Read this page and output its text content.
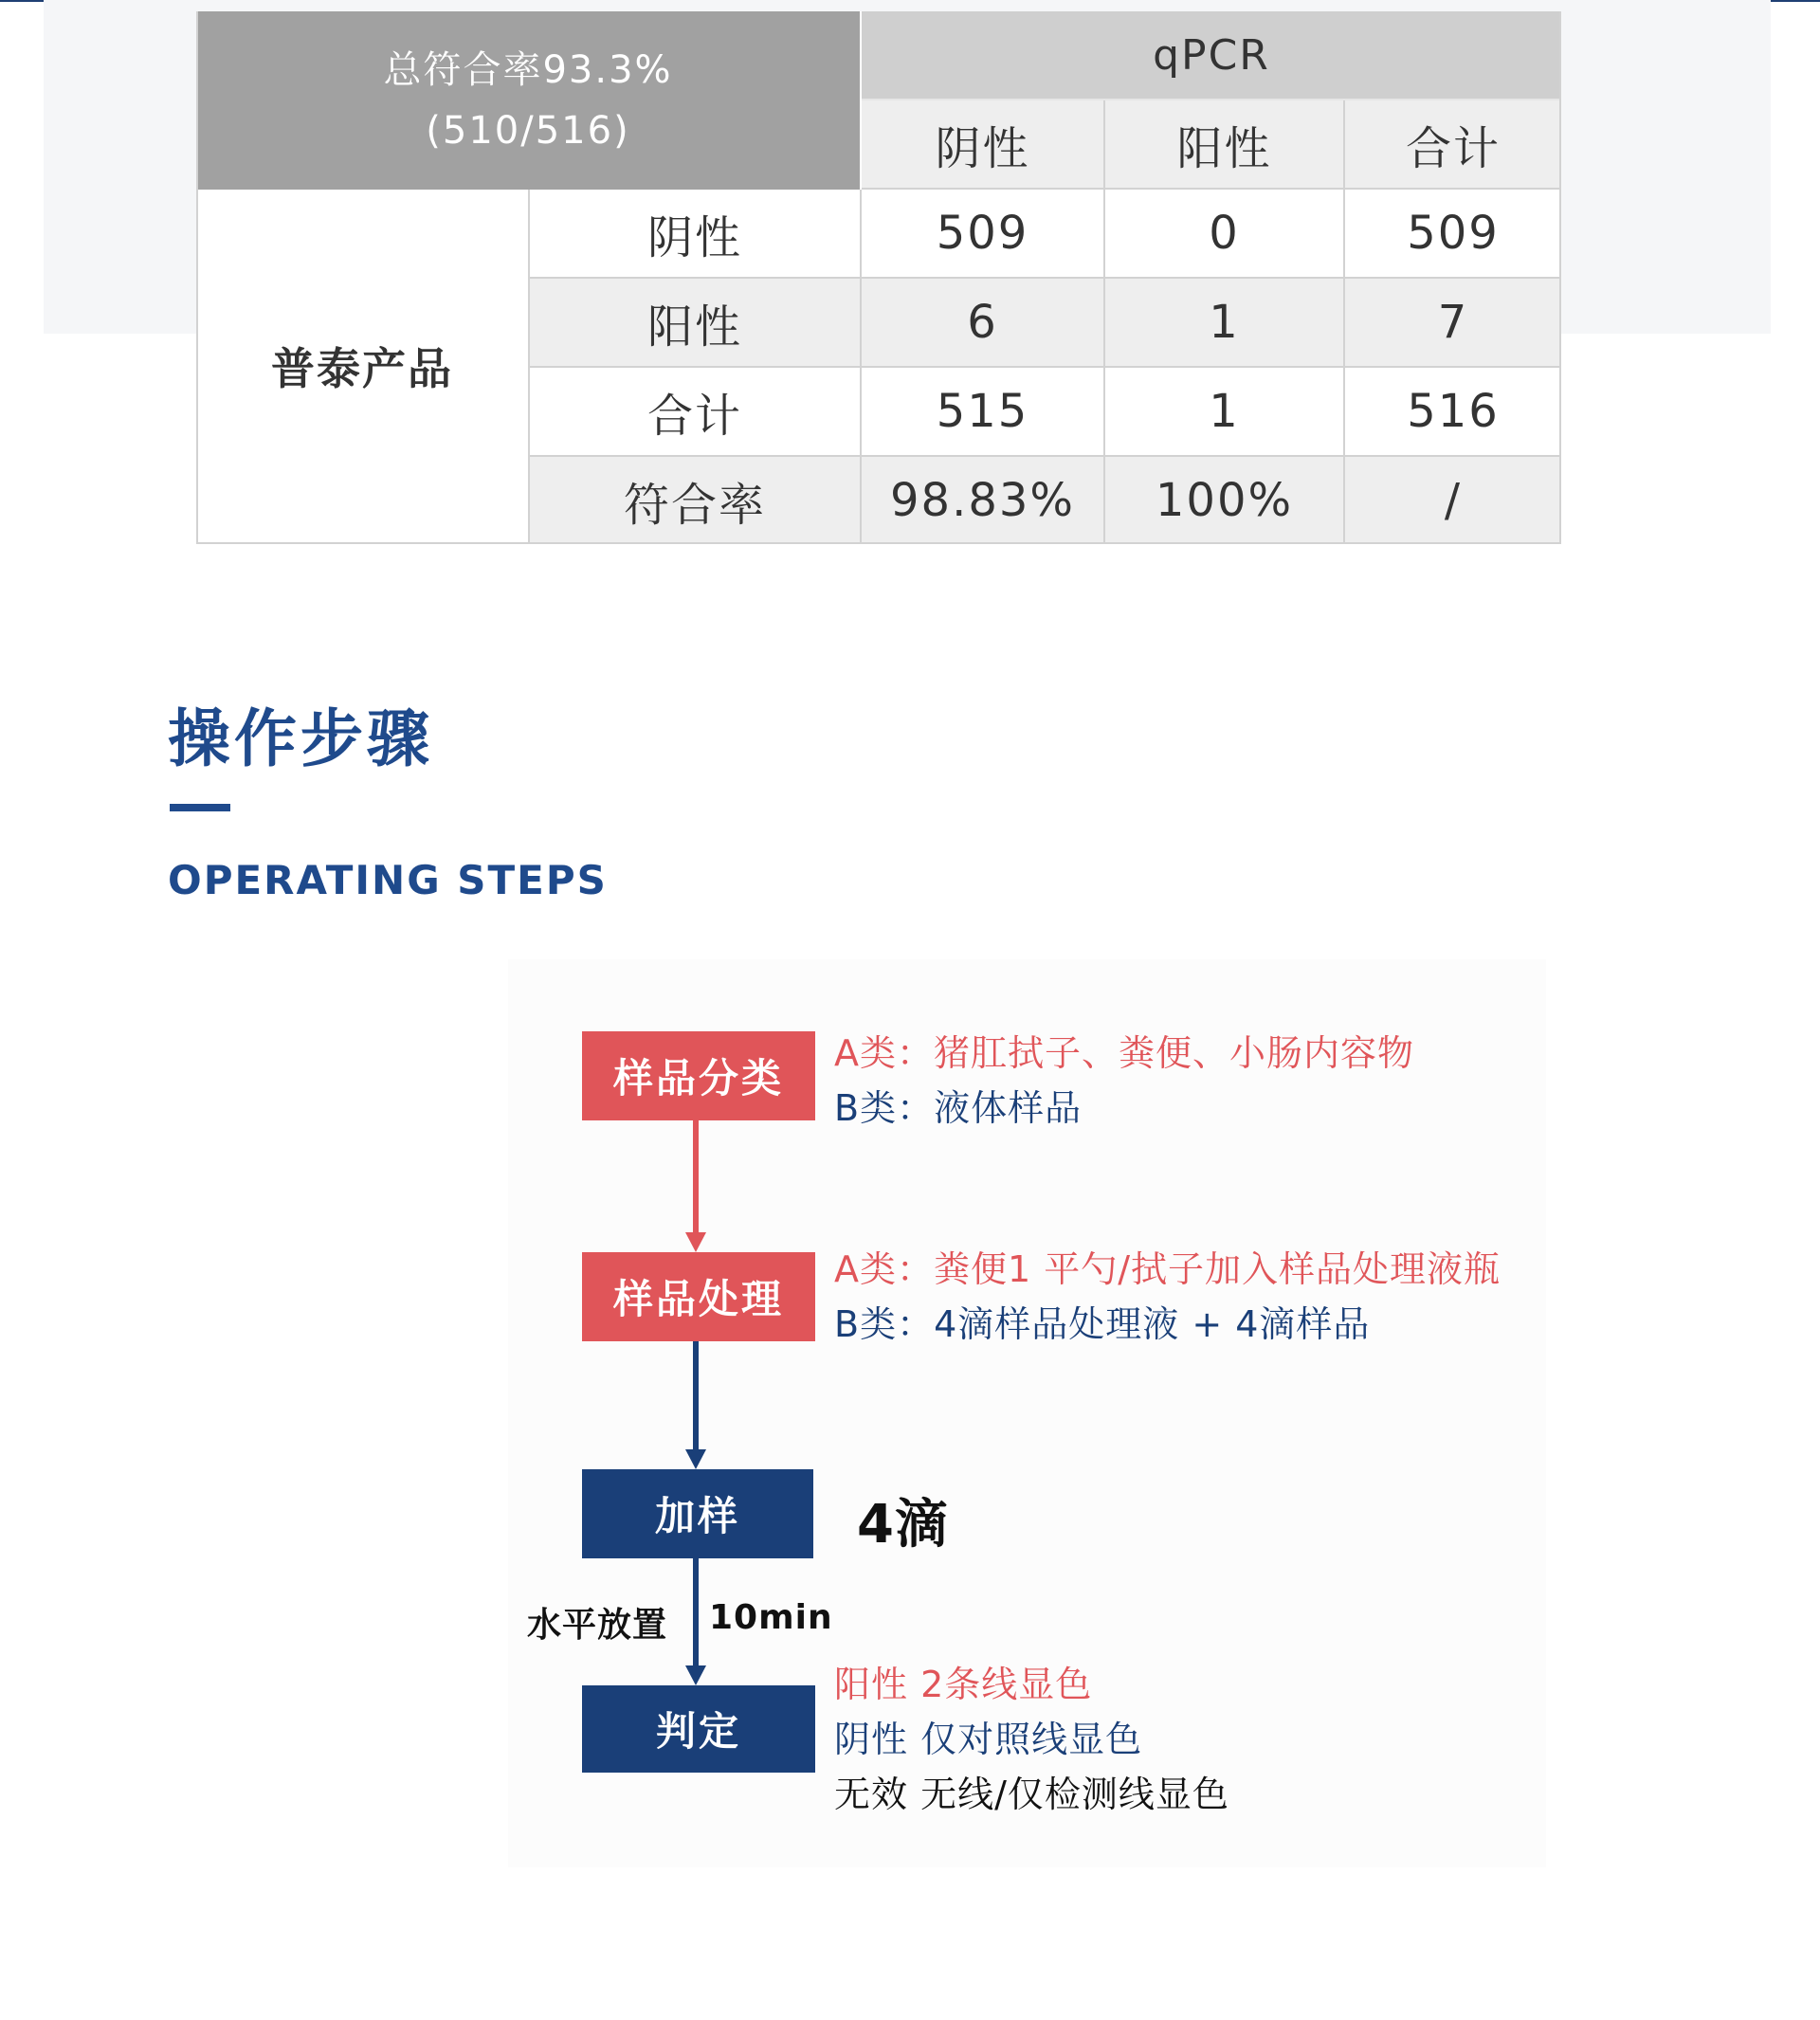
总符合率93.3%
(510/516)
qPCR
阴性	阳性	合计
普泰产品
阴性	509	0	509
阳性	6	1	7
合计	515	1	516
符合率	98.83%	100%	/
操作步骤
OPERATING STEPS
样品分类
样品处理
加样
判定
A类：猪肛拭子、粪便、小肠内容物
B类：液体样品
A类：粪便1 平勺/拭子加入样品处理液瓶
B类：4滴样品处理液 + 4滴样品
4滴
水平放置 10min
阳性 2条线显色
阴性 仅对照线显色
无效 无线/仅检测线显色
